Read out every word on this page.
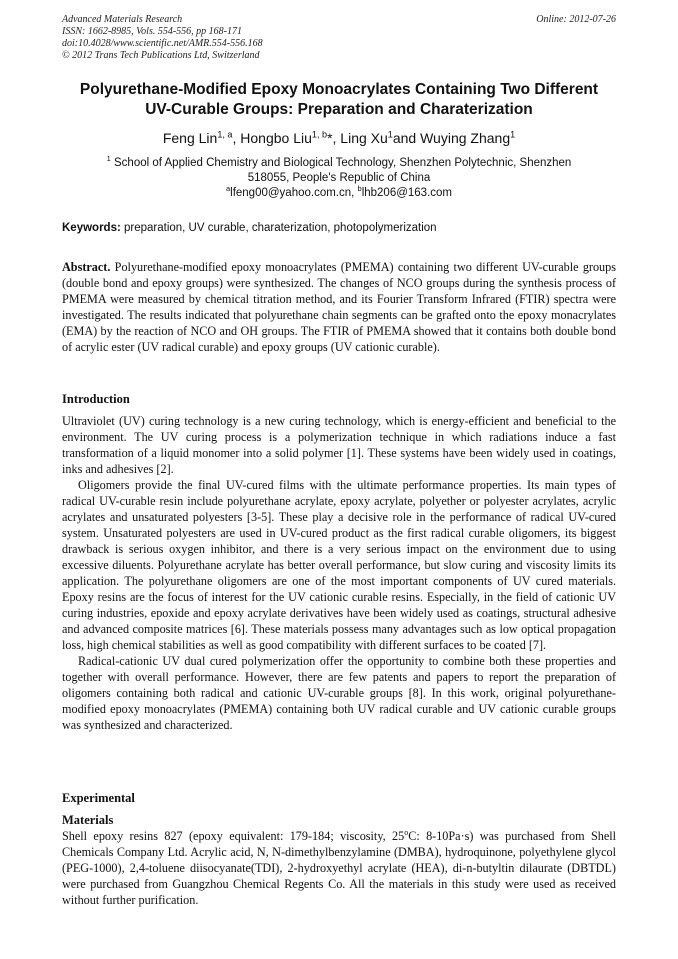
Advanced Materials Research
ISSN: 1662-8985, Vols. 554-556, pp 168-171
doi:10.4028/www.scientific.net/AMR.554-556.168
© 2012 Trans Tech Publications Ltd, Switzerland
Online: 2012-07-26
Polyurethane-Modified Epoxy Monoacrylates Containing Two Different
UV-Curable Groups: Preparation and Charaterization
Feng Lin$^{1, a}$, Hongbo Liu$^{1, b}$*, Ling Xu$^1$and Wuying Zhang$^1$
$^1$ School of Applied Chemistry and Biological Technology, Shenzhen Polytechnic, Shenzhen
518055, People's Republic of China
$^a$lfeng00@yahoo.com.cn, $^b$lhb206@163.com
Keywords: preparation, UV curable, charaterization, photopolymerization

Abstract. Polyurethane-modified epoxy monoacrylates (PMEMA) containing two different UV-curable groups (double bond and epoxy groups) were synthesized. The changes of NCO groups during the synthesis process of PMEMA were measured by chemical titration method, and its Fourier Transform Infrared (FTIR) spectra were investigated. The results indicated that polyurethane chain segments can be grafted onto the epoxy monacrylates (EMA) by the reaction of NCO and OH groups. The FTIR of PMEMA showed that it contains both double bond of acrylic ester (UV radical curable) and epoxy groups (UV cationic curable).

Introduction

Ultraviolet (UV) curing technology is a new curing technology, which is energy-efficient and beneficial to the environment. The UV curing process is a polymerization technique in which radiations induce a fast transformation of a liquid monomer into a solid polymer [1]. These systems have been widely used in coatings, inks and adhesives [2].

Oligomers provide the final UV-cured films with the ultimate performance properties. Its main types of radical UV-curable resin include polyurethane acrylate, epoxy acrylate, polyether or polyester acrylates, acrylic acrylates and unsaturated polyesters [3-5]. These play a decisive role in the performance of radical UV-cured system. Unsaturated polyesters are used in UV-cured product as the first radical curable oligomers, its biggest drawback is serious oxygen inhibitor, and there is a very serious impact on the environment due to using excessive diluents. Polyurethane acrylate has better overall performance, but slow curing and viscosity limits its application. The polyurethane oligomers are one of the most important components of UV cured materials. Epoxy resins are the focus of interest for the UV cationic curable resins. Especially, in the field of cationic UV curing industries, epoxide and epoxy acrylate derivatives have been widely used as coatings, structural adhesive and advanced composite matrices [6]. These materials possess many advantages such as low optical propagation loss, high chemical stabilities as well as good compatibility with different surfaces to be coated [7].

Radical-cationic UV dual cured polymerization offer the opportunity to combine both these properties and together with overall performance. However, there are few patents and papers to report the preparation of oligomers containing both radical and cationic UV-curable groups [8]. In this work, original polyurethane-modified epoxy monoacrylates (PMEMA) containing both UV radical curable and UV cationic curable groups was synthesized and characterized.

Experimental
Materials

Shell epoxy resins 827 (epoxy equivalent: 179-184; viscosity, 25$^o$C: 8-10Pa·s) was purchased from Shell Chemicals Company Ltd. Acrylic acid, N, N-dimethylbenzylamine (DMBA), hydroquinone, polyethylene glycol (PEG-1000), 2,4-toluene diisocyanate(TDI), 2-hydroxyethyl acrylate (HEA), di-n-butyltin dilaurate (DBTDL) were purchased from Guangzhou Chemical Regents Co. All the materials in this study were used as received without further purification.
